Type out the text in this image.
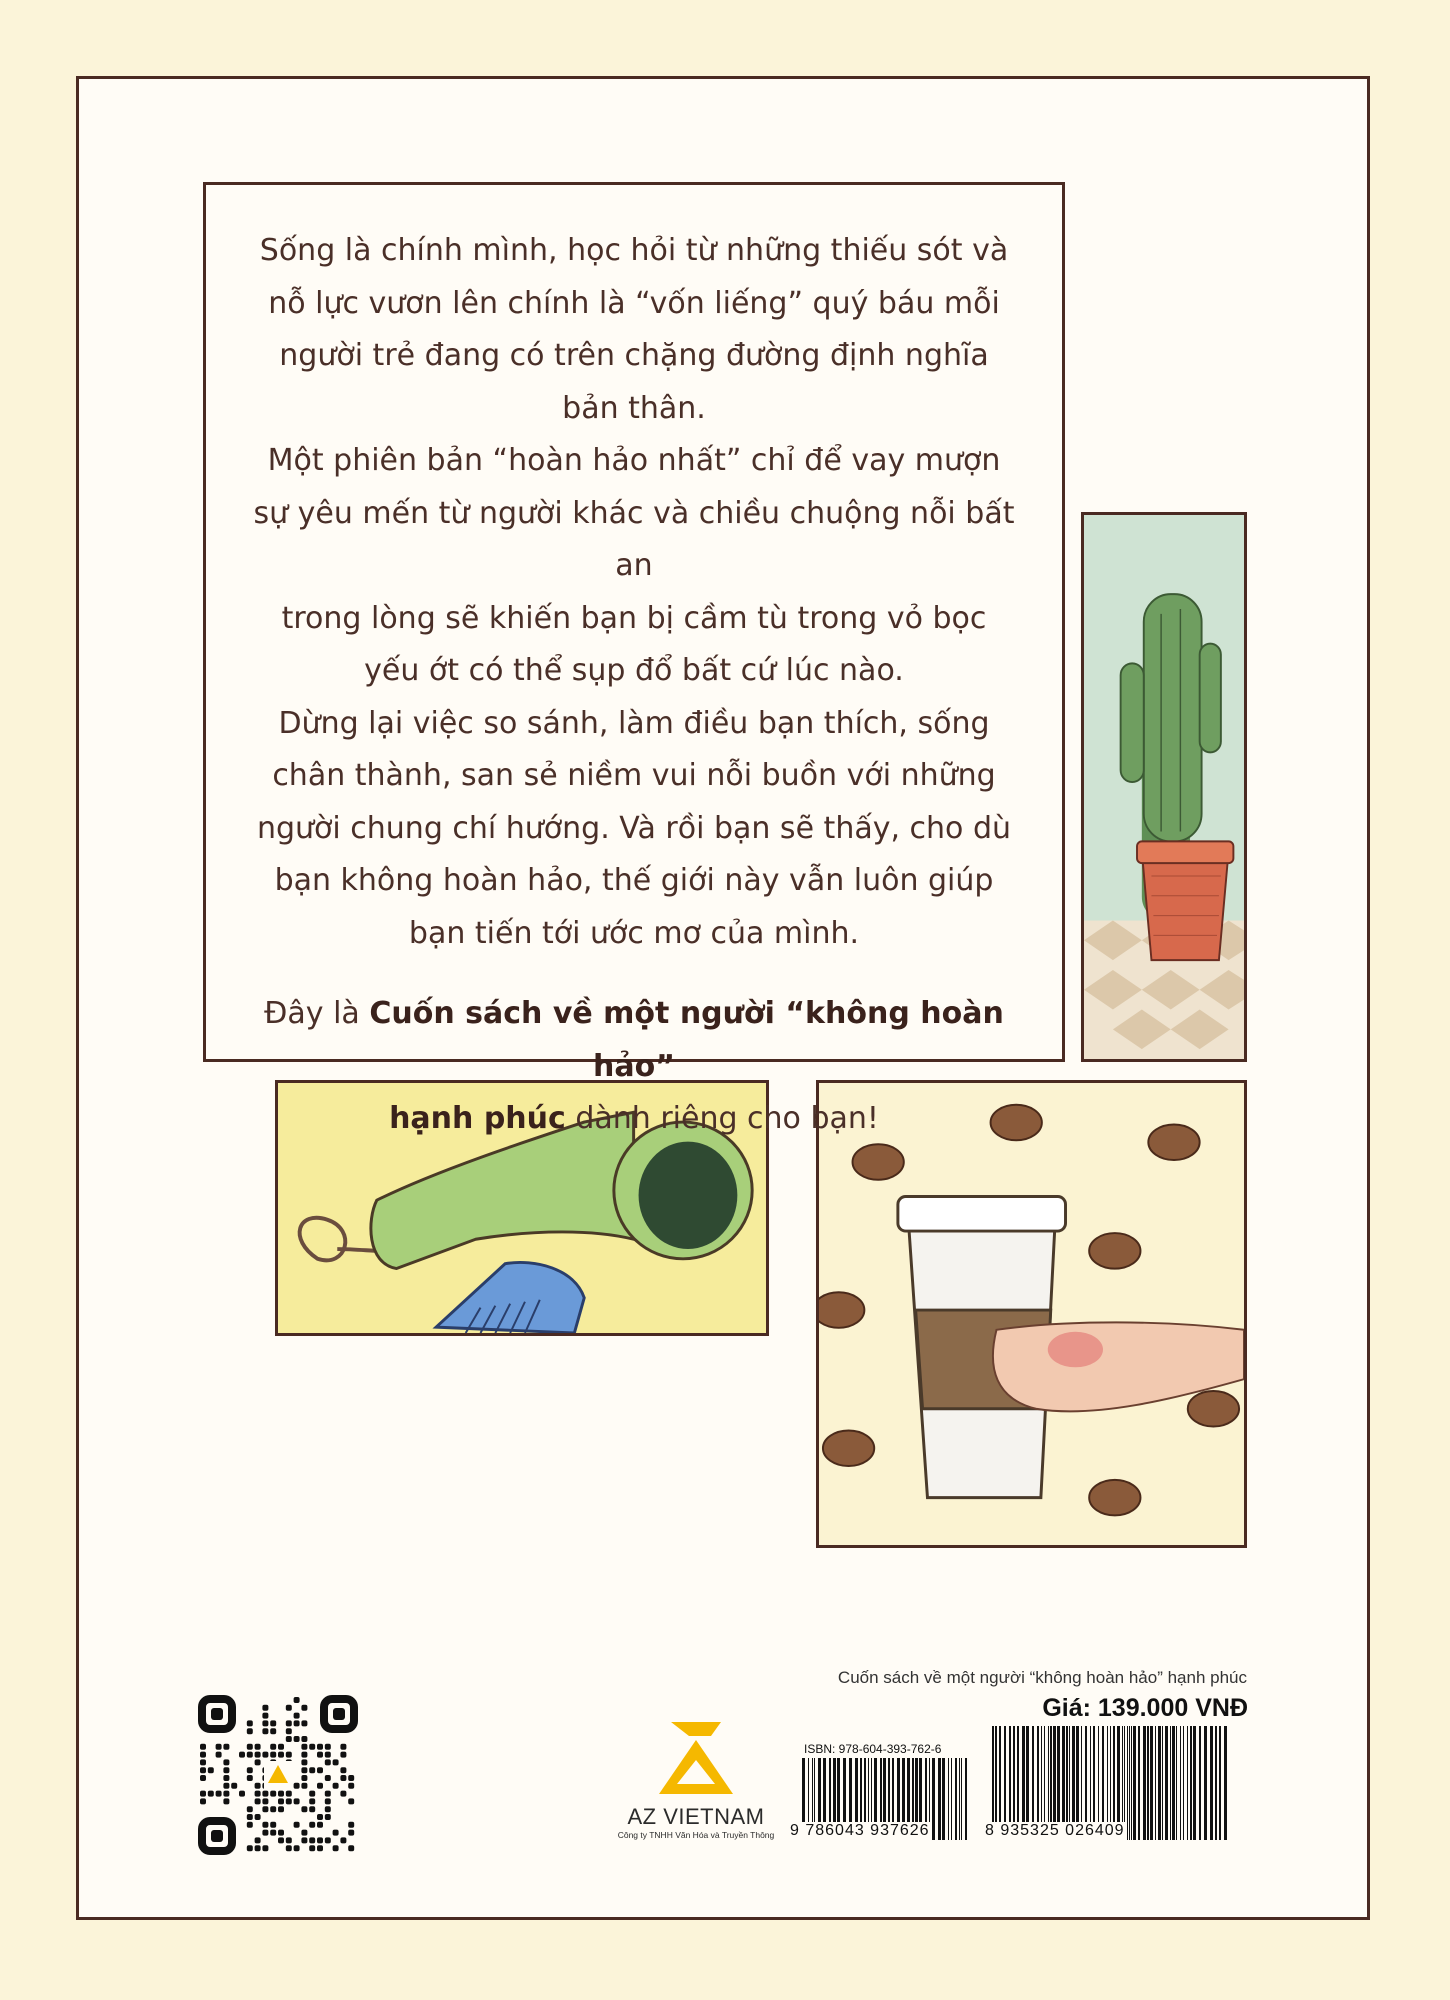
Sống là chính mình, học hỏi từ những thiếu sót và

nỗ lực vươn lên chính là “vốn liếng” quý báu mỗi

người trẻ đang có trên chặng đường định nghĩa

bản thân.

Một phiên bản “hoàn hảo nhất” chỉ để vay mượn

sự yêu mến từ người khác và chiều chuộng nỗi bất an

trong lòng sẽ khiến bạn bị cầm tù trong vỏ bọc

yếu ớt có thể sụp đổ bất cứ lúc nào.

Dừng lại việc so sánh, làm điều bạn thích, sống

chân thành, san sẻ niềm vui nỗi buồn với những

người chung chí hướng. Và rồi bạn sẽ thấy, cho dù

bạn không hoàn hảo, thế giới này vẫn luôn giúp

bạn tiến tới ước mơ của mình.

Đây là Cuốn sách về một người “không hoàn hảo”

hạnh phúc dành riêng cho bạn!

AZ VIETNAM
Công ty TNHH Văn Hóa và Truyền Thông
Cuốn sách về một người “không hoàn hảo” hạnh phúc
Giá: 139.000 VNĐ
ISBN: 978-604-393-762-6
9 786043 937626	8 935325 026409
